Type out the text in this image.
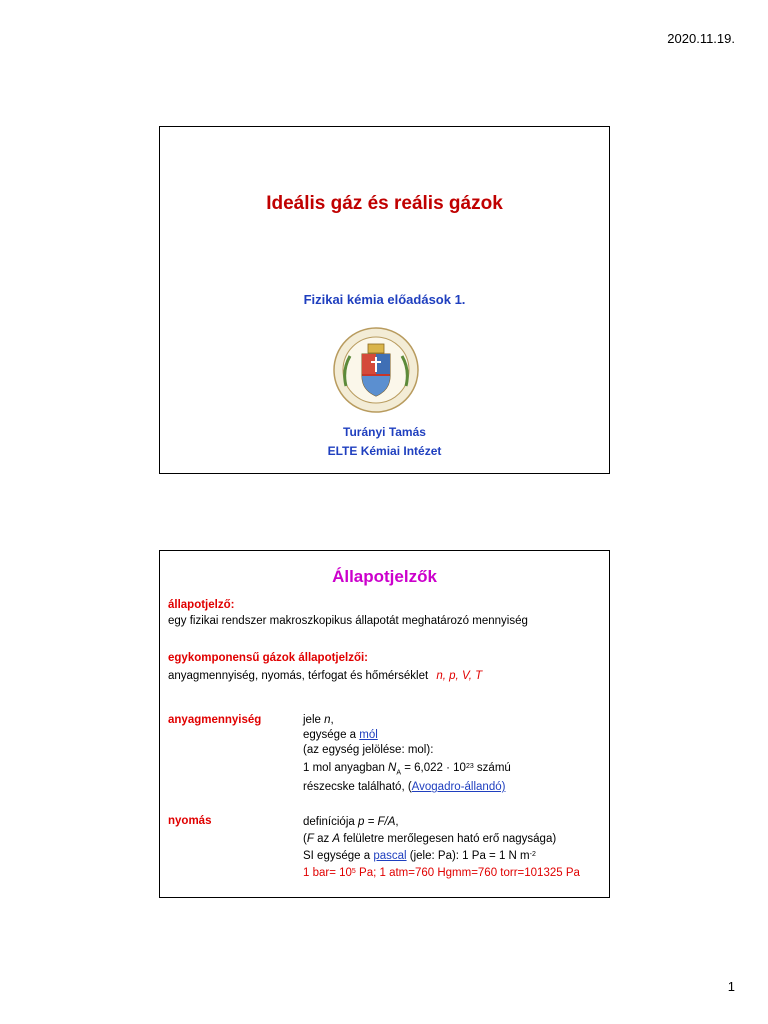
2020.11.19.
Ideális gáz és reális gázok
Fizikai kémia előadások 1.
Turányi Tamás
ELTE Kémiai Intézet
Állapotjelzők
állapotjelző:
egy fizikai rendszer makroszkopikus állapotát meghatározó mennyiség
egykomponensű gázok állapotjelzői:
anyagmennyiség, nyomás, térfogat és hőmérséklet n, p, V, T
anyagmennyiség	jele n,
egysége a mól
(az egység jelölése: mol):
1 mol anyagban $N_A = 6,022 \cdot 10^{23}$ számú
részecske található, (Avogadro-állandó)
nyomás	definíciója p = F/A,
(F az A felületre merőlegesen ható erő nagysága)
SI egysége a pascal (jele: Pa): 1 Pa = 1 N $m^{-2}$
1 $bar= 10^5$ Pa; 1 atm=760 Hgmm=760 torr=101325 Pa
1
